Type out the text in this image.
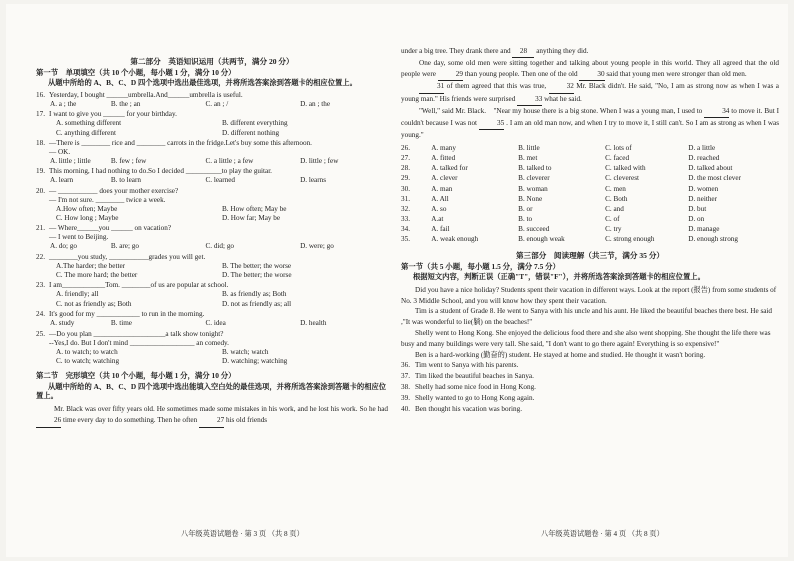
第二部分　英语知识运用（共两节，满分 20 分）
第一节　单项填空（共 10 个小题，每小题 1 分，满分 10 分）
从题中所给的 A、B、C、D 四个选项中选出最佳选项，并将所选答案涂到答题卡的相应位置上。

16. Yesterday, I bought ______umbrella.And______umbrella is useful.

A. a ; the	B. the ; an	C. an ; /	D. an ; the

17. I want to give you ______ for your birthday.

A. something different	B. different everything
C. anything different	D. different nothing

18. —There is ________ rice and ________ carrots in the fridge.Let's buy some this afternoon.

— OK.

A. little ; little	B. few ; few	C. a little ; a few	D. little ; few

19. This morning, I had nothing to do.So I decided __________to play the guitar.

A. learn	B. to learn	C. learned	D. learns

20. — ___________ does your mother exercise?

— I'm not sure. ________ twice a week.

A.How often; Maybe	B. How often; May be
C. How long ; Maybe	D. How far; May be

21. — Where______you ______ on vacation?

— I went to Beijing.

A. do; go	B. are; go	C. did; go	D. were; go

22. ________you study, ___________grades you will get.

A.The harder; the better	B. The better; the worse
C. The more hard; the better	D. The better; the worse

23. I am____________Tom. ________of us are popular at school.

A. friendly; all	B. as friendly as; Both
C. not as friendly as; Both	D. not as friendly as; all

24. It's good for my ____________ to run in the morning.

A. study	B. time	C. idea	D. health

25. —Do you plan ____________________a talk show tonight?

--Yes,I do. But I don't mind __________________ an comedy.

A. to watch; to watch	B. watch; watch
C. to watch; watching	D. watching; watching
第二节　完形填空（共 10 个小题，每小题 1 分，满分 10 分）
从题中所给的 A、B、C、D 四个选项中选出能填入空白处的最佳选项，并将所选答案涂到答题卡的相应位置上。

Mr. Black was over fifty years old. He sometimes made some mistakes in his work, and he lost his work. So he had 26 time every day to do something. Then he often	27 his old friends

under a big tree. They drank there and 28 anything they did.

One day, some old men were sitting together and talking about young people in this world. They all agreed that the old people were	29 than young people. Then one of the old	30 said that young men were stronger than old men.

31 of them agreed that this was true,	32 Mr. Black didn't. He said, "No, I am as strong now as when I was a young man." His friends were surprised	33 what he said.

"Well," said Mr. Black.　"Near my house there is a big stone. When I was a young man, I used to	34 to move it. But I couldn't because I was not	35 . I am an old man now, and when I try to move it, I still can't. So I am as strong as when I was young."

26.	A. many	B. little	C. lots of	D. a little
27.	A. fitted	B. met	C. faced	D. reached
28.	A. talked for	B. talked to	C. talked with	D. talked about
29.	A. clever	B. cleverer	C. cleverest	D. the most clever
30.	A. man	B. woman	C. men	D. women
31.	A. All	B. None	C. Both	D. neither
32.	A. so	B. or	C. and	D. but
33.	A.at	B. to	C. of	D. on
34.	A. fail	B. succeed	C. try	D. manage
35.	A. weak enough	B. enough weak	C. strong enough	D. enough strong
第三部分　阅读理解（共三节，满分 35 分）
第一节（共 5 小题，每小题 1.5 分，满分 7.5 分）
根据短文内容，判断正误（正确"T"，错误"F"），并将所选答案涂到答题卡的相应位置上。

Did you have a nice holiday? Students spent their vacation in different ways. Look at the report (报告) from some students of No. 3 Middle School, and you will know how they spent their vacation.

Tim is a student of Grade 8. He went to Sanya with his uncle and his aunt. He liked the beautiful beaches there best. He said ,"It was wonderful to lie(躺) on the beaches!"

Shelly went to Hong Kong. She enjoyed the delicious food there and she also went shopping. She thought the life there was busy and many buildings were very tall. She said, "I don't want to go there again! Everything is so expensive!"

Ben is a hard-working (勤奋的) student. He stayed at home and studied. He thought it wasn't boring.

36. Tim went to Sanya with his parents.

37. Tim liked the beautiful beaches in Sanya.

38. Shelly had some nice food in Hong Kong.

39. Shelly wanted to go to Hong Kong again.

40. Ben thought his vacation was boring.

八年级英语试题卷 · 第 3 页 （共 8 页）	八年级英语试题卷 · 第 4 页 （共 8 页）
